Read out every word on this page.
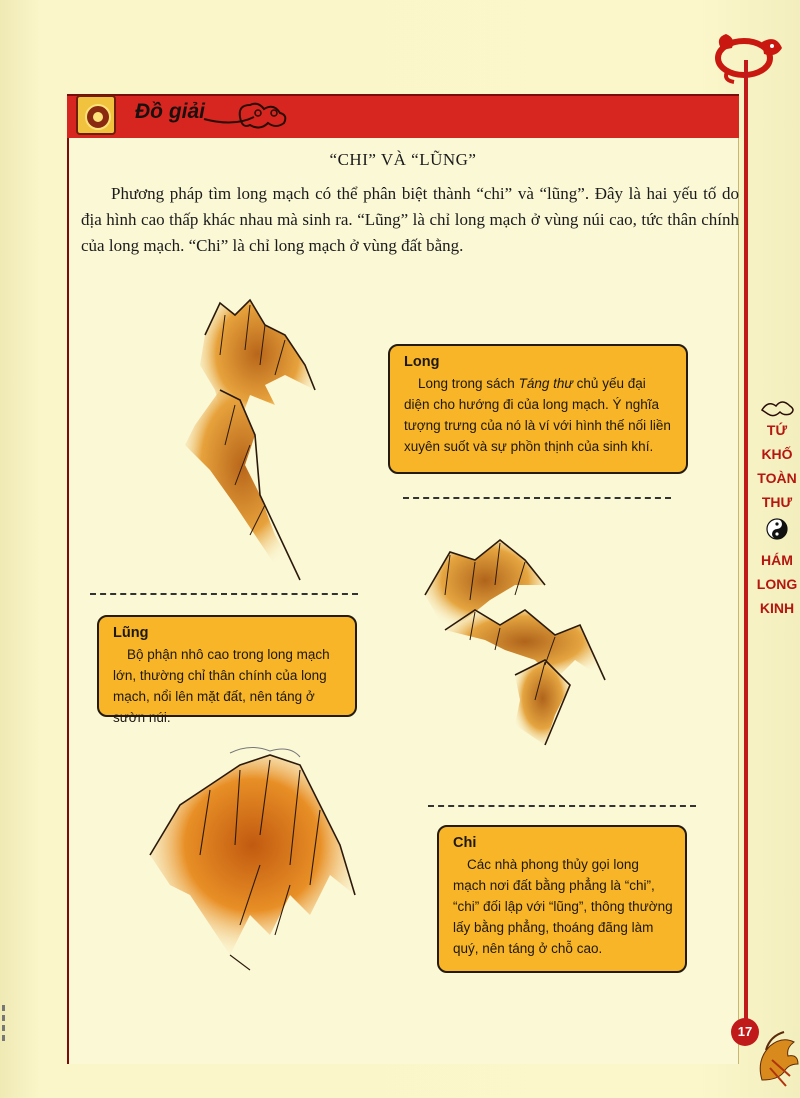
Đồ giải
“CHI” VÀ “LŨNG”

Phương pháp tìm long mạch có thể phân biệt thành “chi” và “lũng”. Đây là hai yếu tố do địa hình cao thấp khác nhau mà sinh ra. “Lũng” là chỉ long mạch ở vùng núi cao, tức thân chính của long mạch. “Chi” là chỉ long mạch ở vùng đất bằng.

Long

Long trong sách Táng thư chủ yếu đại diện cho hướng đi của long mạch. Ý nghĩa tượng trưng của nó là ví với hình thế nối liền xuyên suốt và sự phồn thịnh của sinh khí.

Lũng

Bộ phận nhô cao trong long mạch lớn, thường chỉ thân chính của long mạch, nổi lên mặt đất, nên táng ở sườn núi.

Chi

Các nhà phong thủy gọi long mạch nơi đất bằng phẳng là “chi”, “chi” đối lập với “lũng”, thông thường lấy bằng phẳng, thoáng đãng làm quý, nên táng ở chỗ cao.

TỨ
KHỐ
TOÀN
THƯ
HÁM
LONG
KINH
17
